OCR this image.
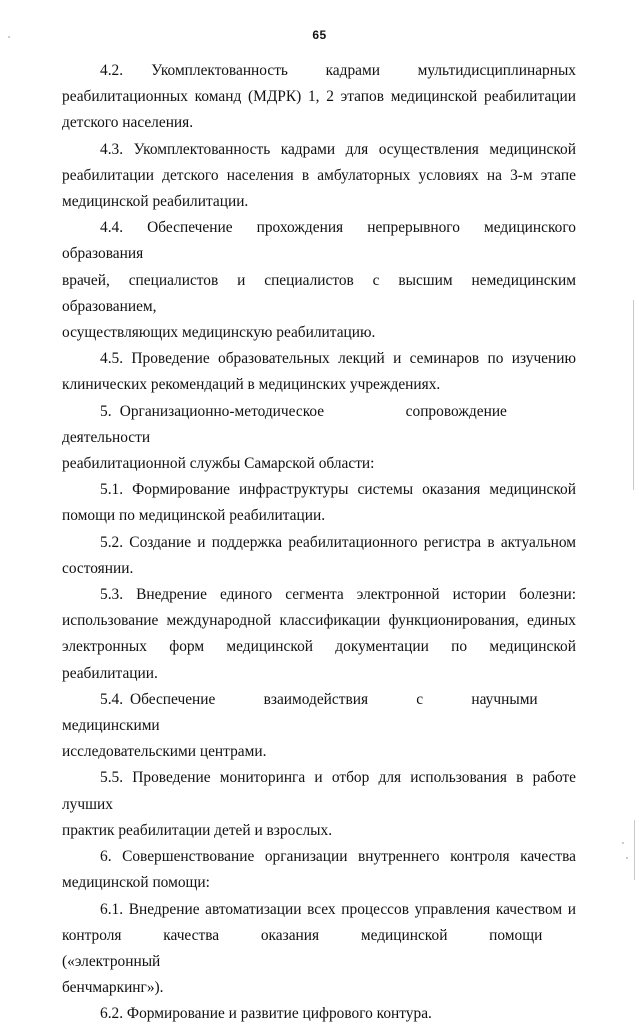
65

4.2.      Укомплектованность        кадрами        мультидисциплинарных
реабилитационных команд (МДРК) 1, 2 этапов медицинской реабилитации
детского населения.

4.3. Укомплектованность кадрами для осуществления медицинской
реабилитации детского населения в амбулаторных условиях на 3-м этапе
медицинской реабилитации.

4.4. Обеспечение прохождения непрерывного медицинского образования
врачей, специалистов и специалистов с высшим немедицинским образованием,
осуществляющих медицинскую реабилитацию.

4.5. Проведение образовательных лекций и семинаров по изучению
клинических рекомендаций в медицинских учреждениях.

5. Организационно-методическое          сопровождение          деятельности
реабилитационной службы Самарской области:

5.1. Формирование инфраструктуры системы оказания медицинской
помощи по медицинской реабилитации.

5.2. Создание и поддержка реабилитационного регистра в актуальном
состоянии.

5.3. Внедрение единого сегмента электронной истории болезни:
использование международной классификации функционирования, единых
электронных форм медицинской документации по медицинской реабилитации.

5.4. Обеспечение       взаимодействия       с       научными       медицинскими
исследовательскими центрами.

5.5. Проведение мониторинга и отбор для использования в работе лучших
практик реабилитации детей и взрослых.

6. Совершенствование организации внутреннего контроля качества
медицинской помощи:

6.1. Внедрение автоматизации всех процессов управления качеством и
контроля       качества       оказания       медицинской       помощи       («электронный
бенчмаркинг»).

6.2. Формирование и развитие цифрового контура.
